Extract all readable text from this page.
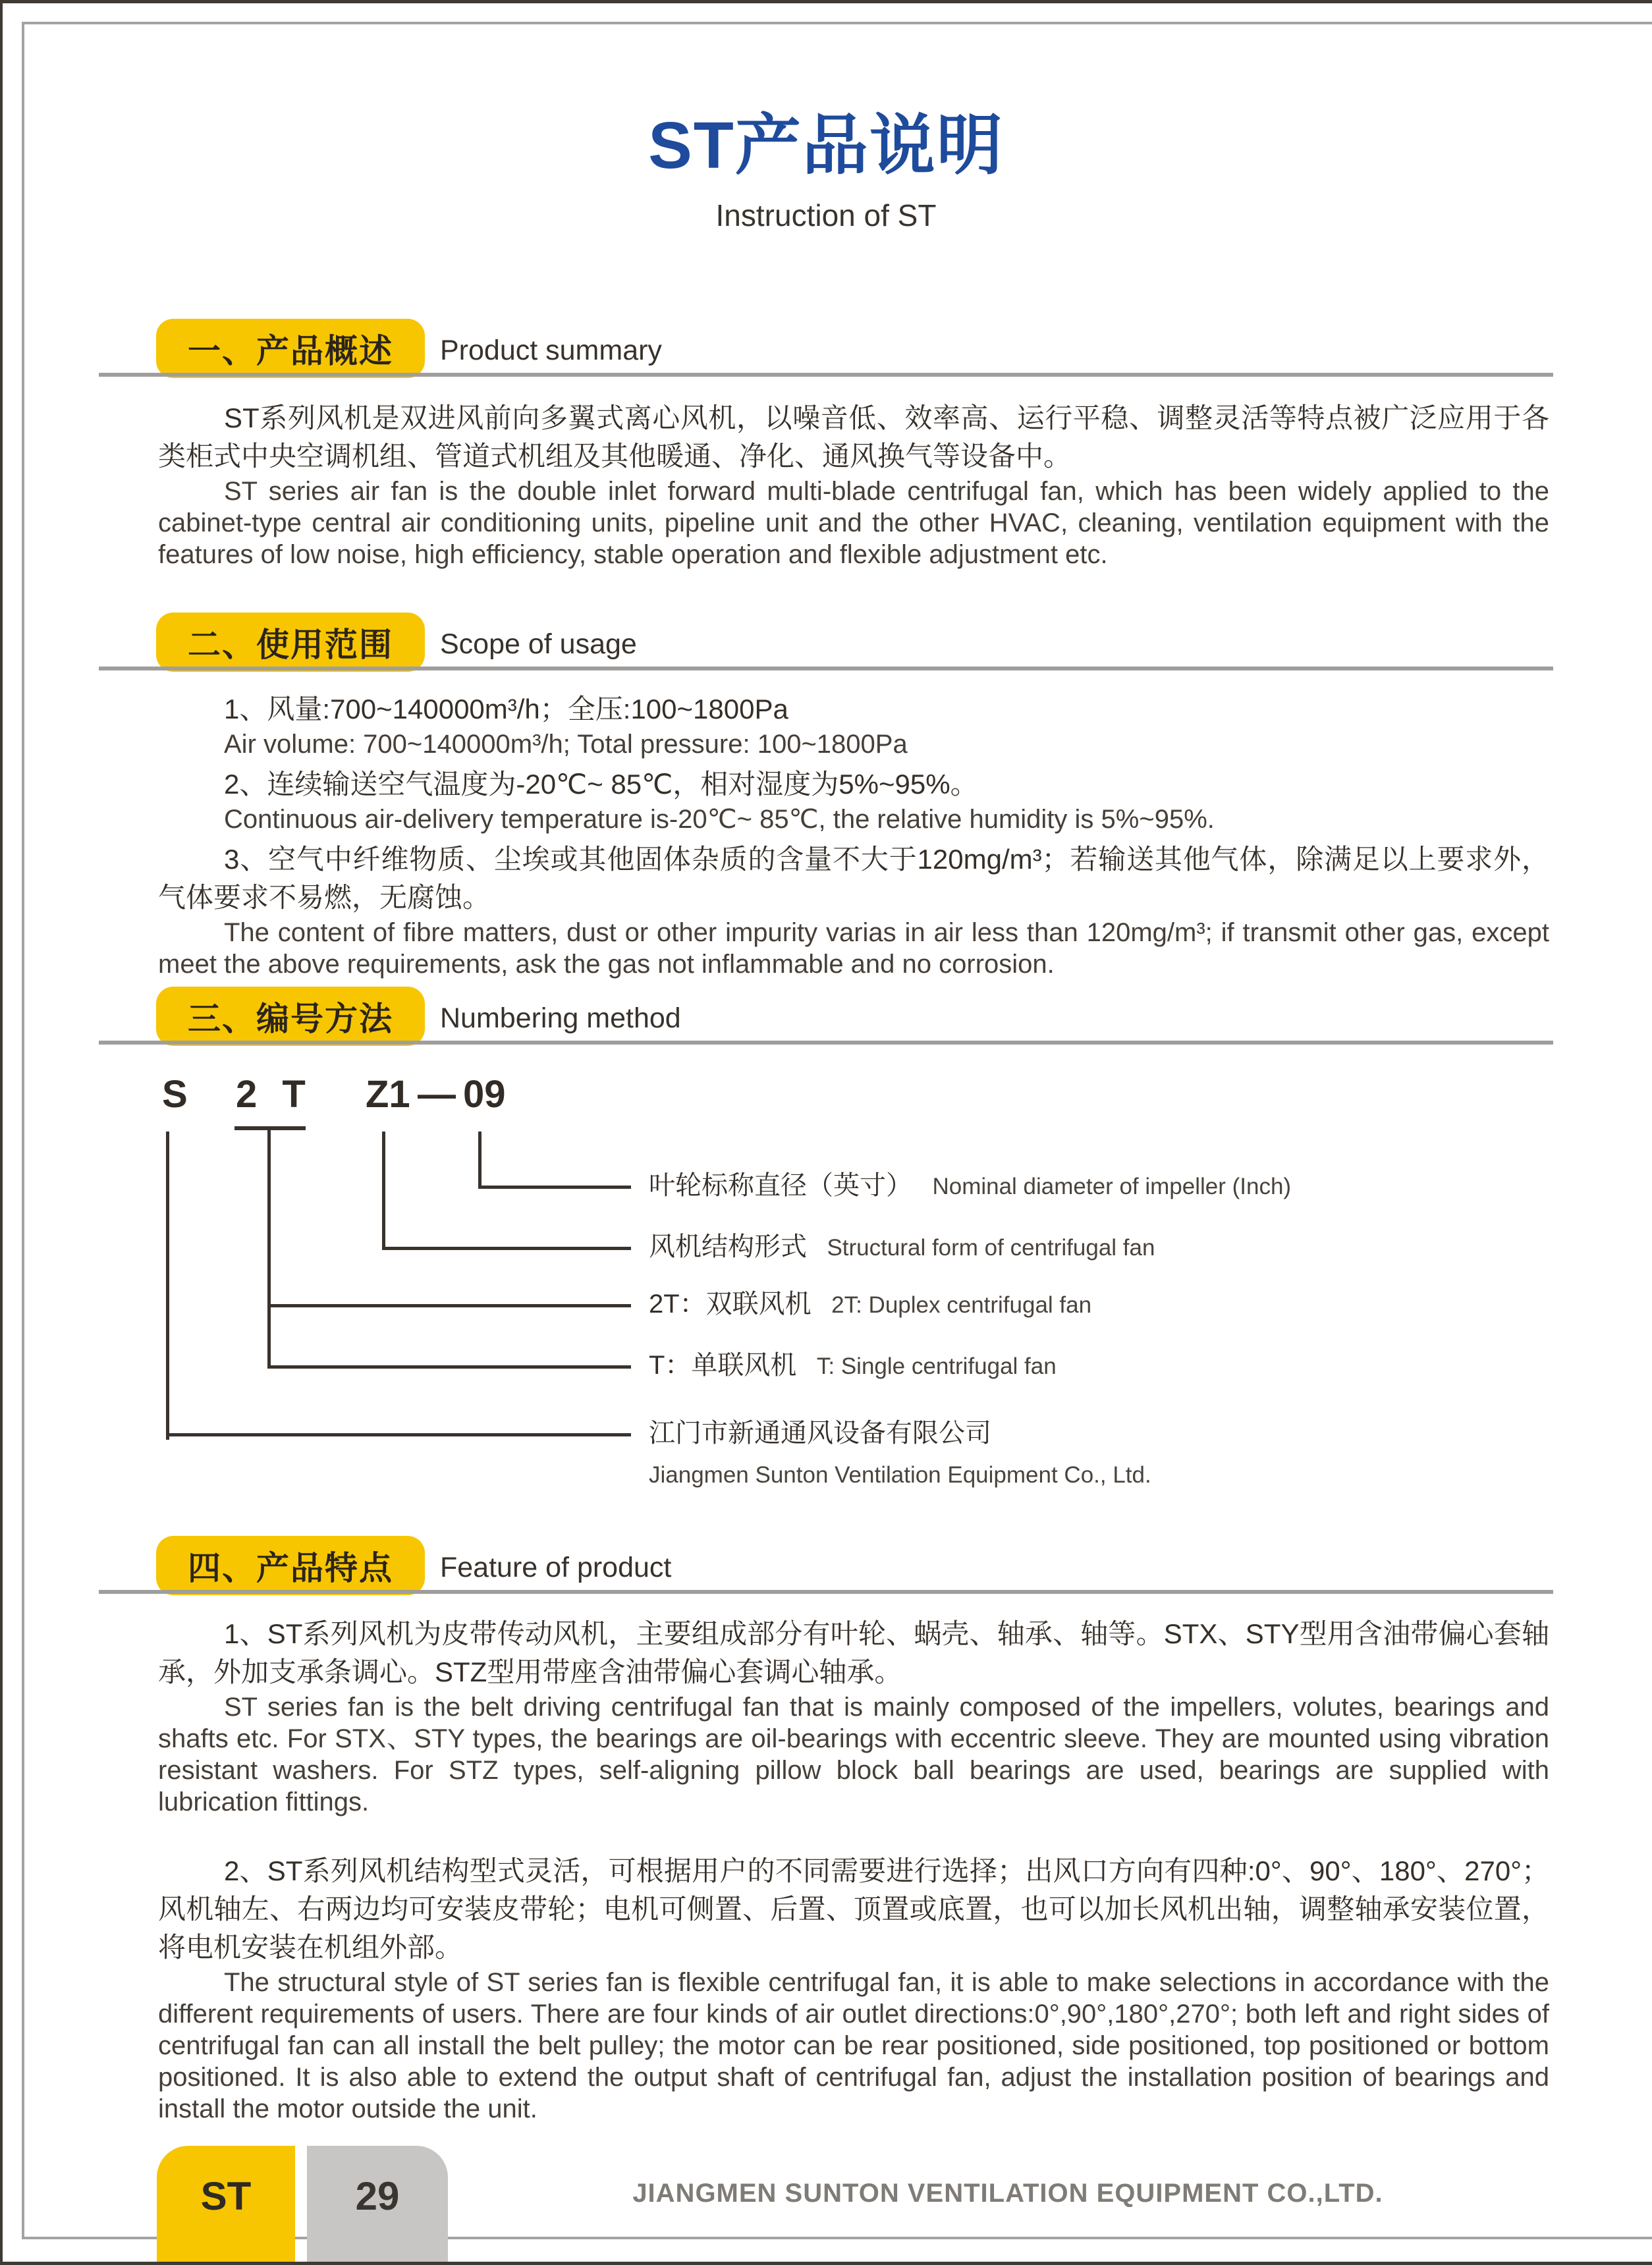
ST产品说明
Instruction of ST
一、产品概述	Product summary

ST系列风机是双进风前向多翼式离心风机，以噪音低、效率高、运行平稳、调整灵活等特点被广泛应用于各类柜式中央空调机组、管道式机组及其他暖通、净化、通风换气等设备中。

ST series air fan is the double inlet forward multi-blade centrifugal fan, which has been widely applied to the cabinet-type central air conditioning units, pipeline unit and the other HVAC, cleaning, ventilation equipment with the features of low noise, high efficiency, stable operation and flexible adjustment etc.

二、使用范围	Scope of usage

1、风量:700~140000m³/h；全压:100~1800Pa

Air volume: 700~140000m³/h; Total pressure: 100~1800Pa

2、连续输送空气温度为-20℃~ 85℃，相对湿度为5%~95%。

Continuous air-delivery temperature is-20℃~ 85℃, the relative humidity is 5%~95%.

3、空气中纤维物质、尘埃或其他固体杂质的含量不大于120mg/m³；若输送其他气体，除满足以上要求外，气体要求不易燃，无腐蚀。

The content of fibre matters, dust or other impurity varias in air less than 120mg/m³; if transmit other gas, except meet the above requirements, ask the gas not inflammable and no corrosion.

三、编号方法	Numbering method
S 2 T Z1 — 09
叶轮标称直径（英寸） Nominal diameter of impeller (Inch)
风机结构形式 Structural form of centrifugal fan
2T：双联风机 2T: Duplex centrifugal fan
T：单联风机 T: Single centrifugal fan
江门市新通通风设备有限公司
Jiangmen Sunton Ventilation Equipment Co., Ltd.
四、产品特点	Feature of product

1、ST系列风机为皮带传动风机，主要组成部分有叶轮、蜗壳、轴承、轴等。STX、STY型用含油带偏心套轴承，外加支承条调心。STZ型用带座含油带偏心套调心轴承。

ST series fan is the belt driving centrifugal fan that is mainly composed of the impellers, volutes, bearings and shafts etc. For STX、STY types, the bearings are oil-bearings with eccentric sleeve. They are mounted using vibration resistant washers. For STZ types, self-aligning pillow block ball bearings are used, bearings are supplied with lubrication fittings.

2、ST系列风机结构型式灵活，可根据用户的不同需要进行选择；出风口方向有四种:0°、90°、180°、270°；风机轴左、右两边均可安装皮带轮；电机可侧置、后置、顶置或底置，也可以加长风机出轴，调整轴承安装位置，将电机安装在机组外部。

The structural style of ST series fan is flexible centrifugal fan, it is able to make selections in accordance with the different requirements of users. There are four kinds of air outlet directions:0°,90°,180°,270°; both left and right sides of centrifugal fan can all install the belt pulley; the motor can be rear positioned, side positioned, top positioned or bottom positioned. It is also able to extend the output shaft of centrifugal fan, adjust the installation position of bearings and install the motor outside the unit.

ST	29	JIANGMEN SUNTON VENTILATION EQUIPMENT CO.,LTD.
